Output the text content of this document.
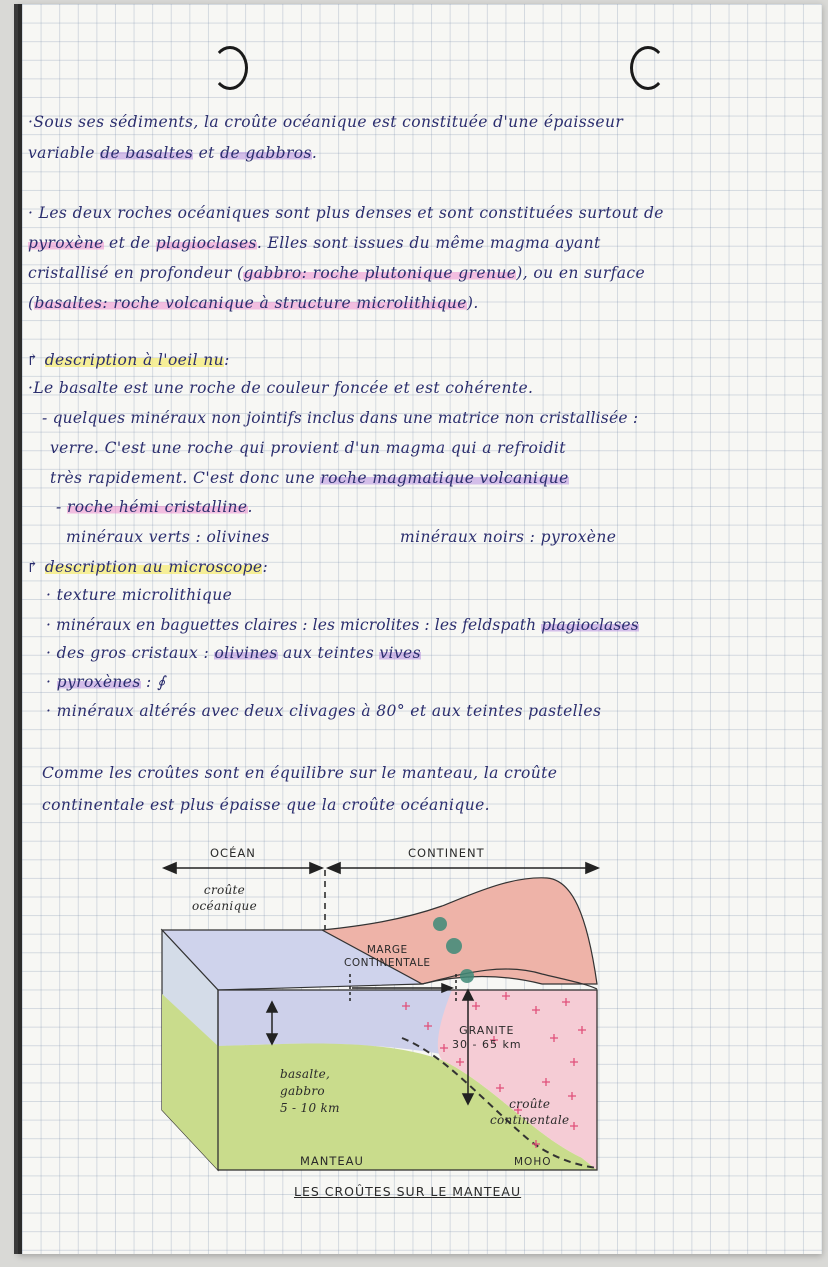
·Sous ses sédiments, la croûte océanique est constituée d'une épaisseur

variable de basaltes et de gabbros.

· Les deux roches océaniques sont plus denses et sont constituées surtout de

pyroxène et de plagioclases. Elles sont issues du même magma ayant

cristallisé en profondeur (gabbro: roche plutonique grenue), ou en surface

(basaltes: roche volcanique à structure microlithique).

↱ description à l'oeil nu:

·Le basalte est une roche de couleur foncée et est cohérente.

- quelques minéraux non jointifs inclus dans une matrice non cristallisée :

verre. C'est une roche qui provient d'un magma qui a refroidit

très rapidement. C'est donc une roche magmatique volcanique

- roche hémi cristalline.

minéraux verts : olivines	minéraux noirs : pyroxène

↱ description au microscope:

· texture microlithique

· minéraux en baguettes claires : les microlites : les feldspath plagioclases

· des gros cristaux : olivines aux teintes vives

· pyroxènes : ∮

· minéraux altérés avec deux clivages à 80° et aux teintes pastelles

Comme les croûtes sont en équilibre sur le manteau, la croûte

continentale est plus épaisse que la croûte océanique.

OCÉAN	CONTINENT

croûte
océanique

MARGE
CONTINENTALE

GRANITE
30 - 65 km

basalte,
gabbro
5 - 10 km	croûte
continentale

MANTEAU	MOHO

LES CROÛTES SUR LE MANTEAU
